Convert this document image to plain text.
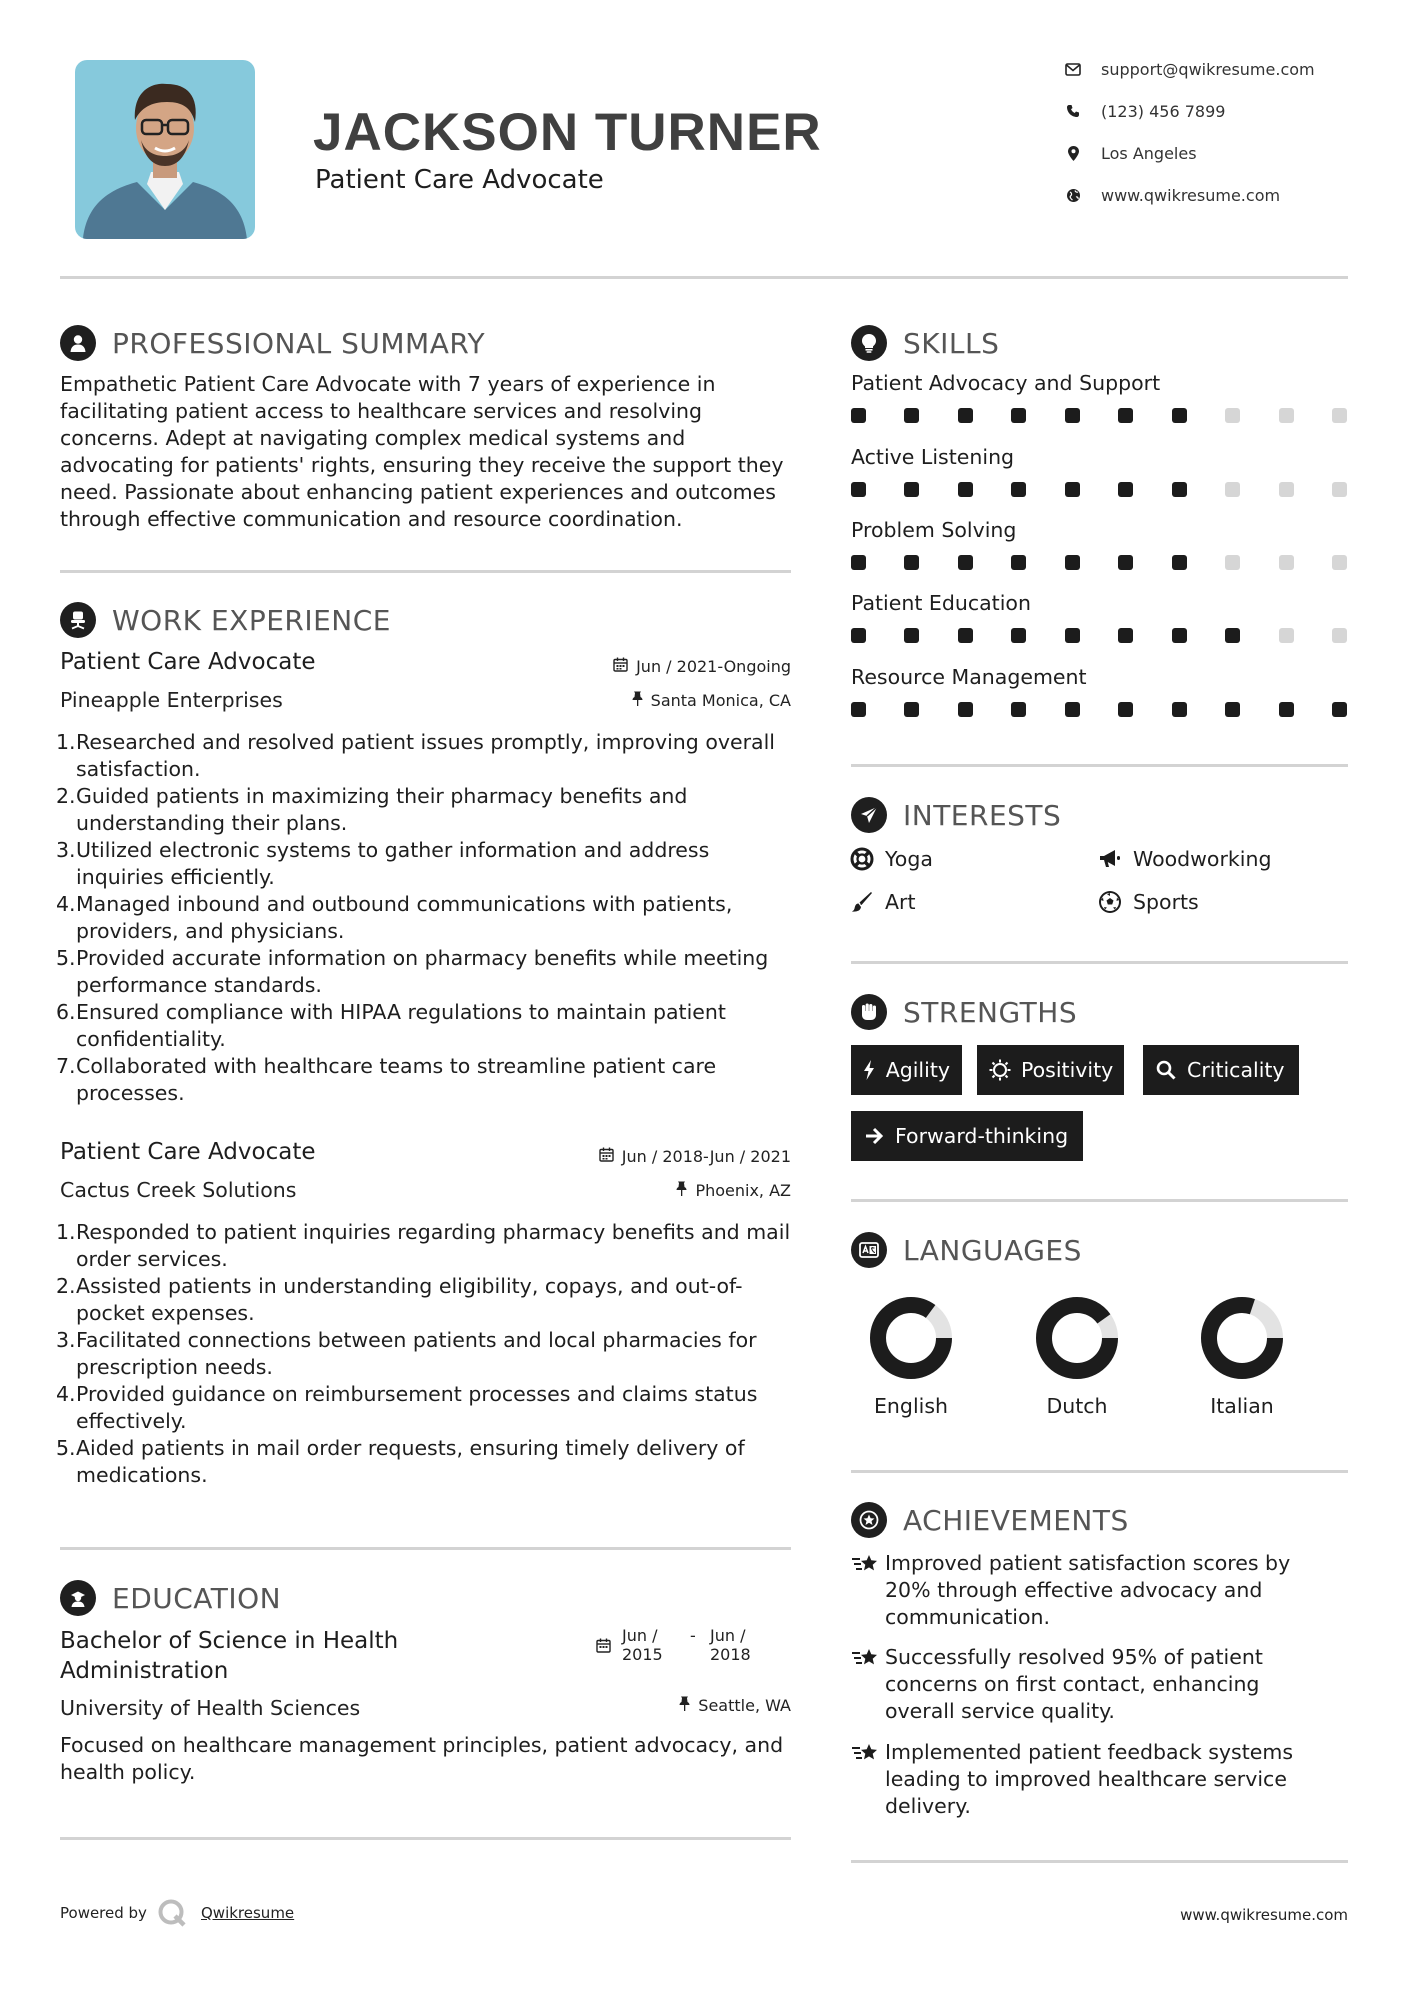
JACKSON TURNER
Patient Care Advocate
support@qwikresume.com
(123) 456 7899
Los Angeles
www.qwikresume.com
PROFESSIONAL SUMMARY
Empathetic Patient Care Advocate with 7 years of experience in facilitating patient access to healthcare services and resolving concerns. Adept at navigating complex medical systems and advocating for patients' rights, ensuring they receive the support they need. Passionate about enhancing patient experiences and outcomes through effective communication and resource coordination.
WORK EXPERIENCE
Patient Care Advocate	Jun / 2021-Ongoing
Pineapple Enterprises	Santa Monica, CA
1. Researched and resolved patient issues promptly, improving overall satisfaction.
2. Guided patients in maximizing their pharmacy benefits and understanding their plans.
3. Utilized electronic systems to gather information and address inquiries efficiently.
4. Managed inbound and outbound communications with patients, providers, and physicians.
5. Provided accurate information on pharmacy benefits while meeting performance standards.
6. Ensured compliance with HIPAA regulations to maintain patient confidentiality.
7. Collaborated with healthcare teams to streamline patient care processes.
Patient Care Advocate	Jun / 2018-Jun / 2021
Cactus Creek Solutions	Phoenix, AZ
1. Responded to patient inquiries regarding pharmacy benefits and mail order services.
2. Assisted patients in understanding eligibility, copays, and out-of-pocket expenses.
3. Facilitated connections between patients and local pharmacies for prescription needs.
4. Provided guidance on reimbursement processes and claims status effectively.
5. Aided patients in mail order requests, ensuring timely delivery of medications.
EDUCATION
Bachelor of Science in Health Administration
Jun / 2015
- Jun / 2018
University of Health Sciences	Seattle, WA
Focused on healthcare management principles, patient advocacy, and health policy.
SKILLS
Patient Advocacy and Support
Active Listening
Problem Solving
Patient Education
Resource Management
INTERESTS
Yoga	Woodworking
Art	Sports
STRENGTHS
Agility	Positivity	Criticality
Forward-thinking
LANGUAGES
English	Dutch	Italian
ACHIEVEMENTS
Improved patient satisfaction scores by 20% through effective advocacy and communication.
Successfully resolved 95% of patient concerns on first contact, enhancing overall service quality.
Implemented patient feedback systems leading to improved healthcare service delivery.
Powered by	Qwikresume	www.qwikresume.com
